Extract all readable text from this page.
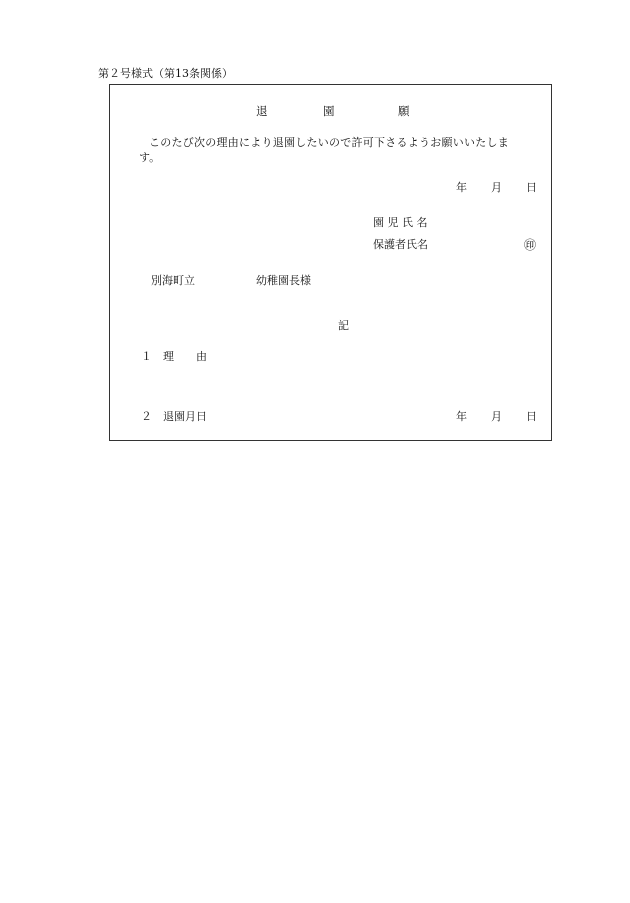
第２号様式（第13条関係）
退	園	願
このたび次の理由により退園したいので許可下さるようお願いいたしま
す。
年 月 日
園 児 氏 名
保護者氏名	㊞
別海町立	幼稚園長様
記
１ 理　　由
２ 退園月日	年 月 日
